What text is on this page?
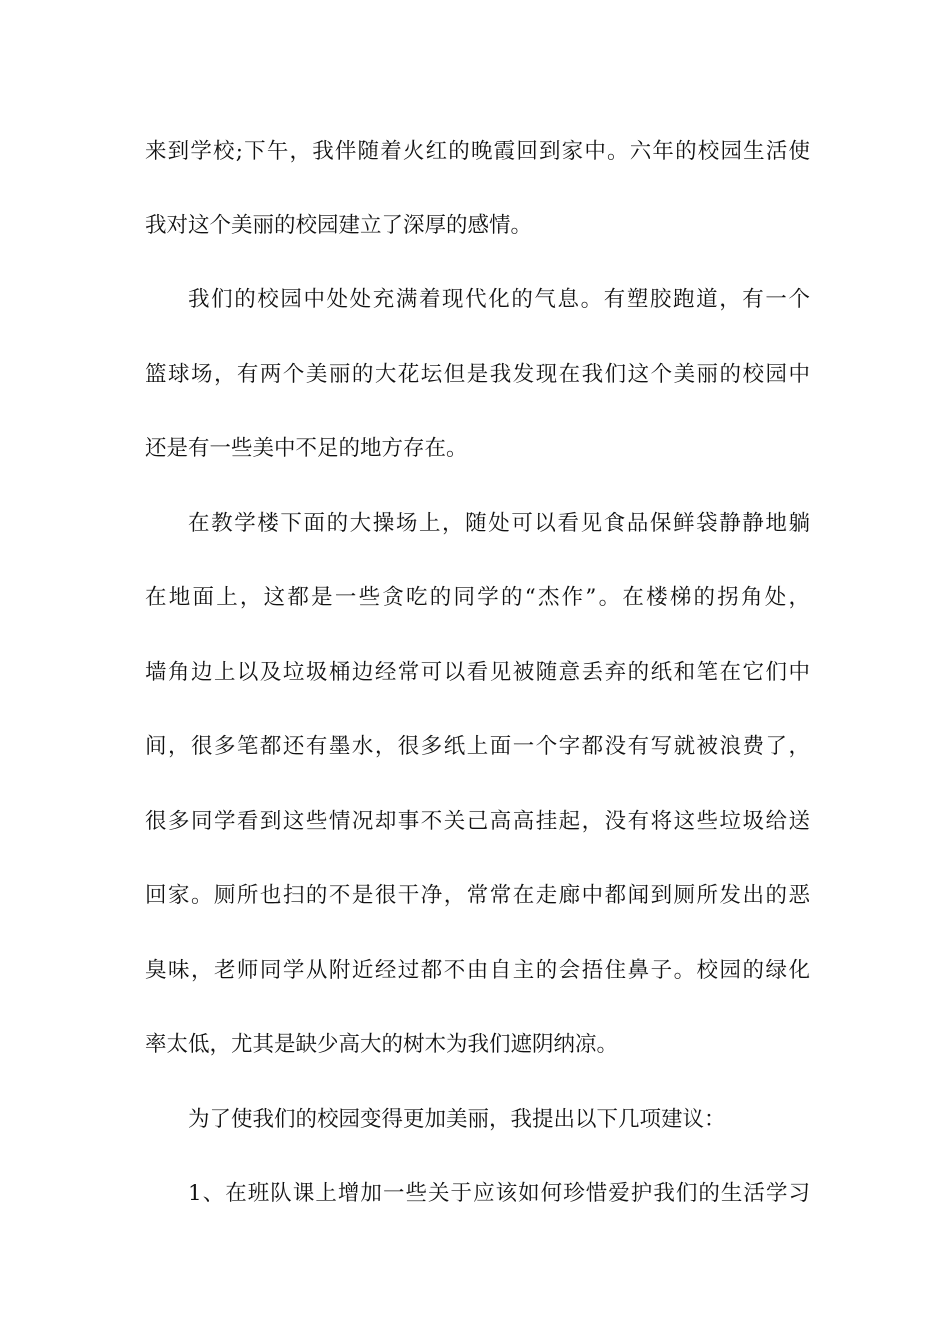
来到学校;下午，我伴随着火红的晚霞回到家中。六年的校园生活使

我对这个美丽的校园建立了深厚的感情。

我们的校园中处处充满着现代化的气息。有塑胶跑道，有一个

篮球场，有两个美丽的大花坛但是我发现在我们这个美丽的校园中

还是有一些美中不足的地方存在。

在教学楼下面的大操场上，随处可以看见食品保鲜袋静静地躺

在地面上，这都是一些贪吃的同学的“杰作”。在楼梯的拐角处，

墙角边上以及垃圾桶边经常可以看见被随意丢弃的纸和笔在它们中

间，很多笔都还有墨水，很多纸上面一个字都没有写就被浪费了，

很多同学看到这些情况却事不关己高高挂起，没有将这些垃圾给送

回家。厕所也扫的不是很干净，常常在走廊中都闻到厕所发出的恶

臭味，老师同学从附近经过都不由自主的会捂住鼻子。校园的绿化

率太低，尤其是缺少高大的树木为我们遮阴纳凉。

为了使我们的校园变得更加美丽，我提出以下几项建议：

1、在班队课上增加一些关于应该如何珍惜爱护我们的生活学习
